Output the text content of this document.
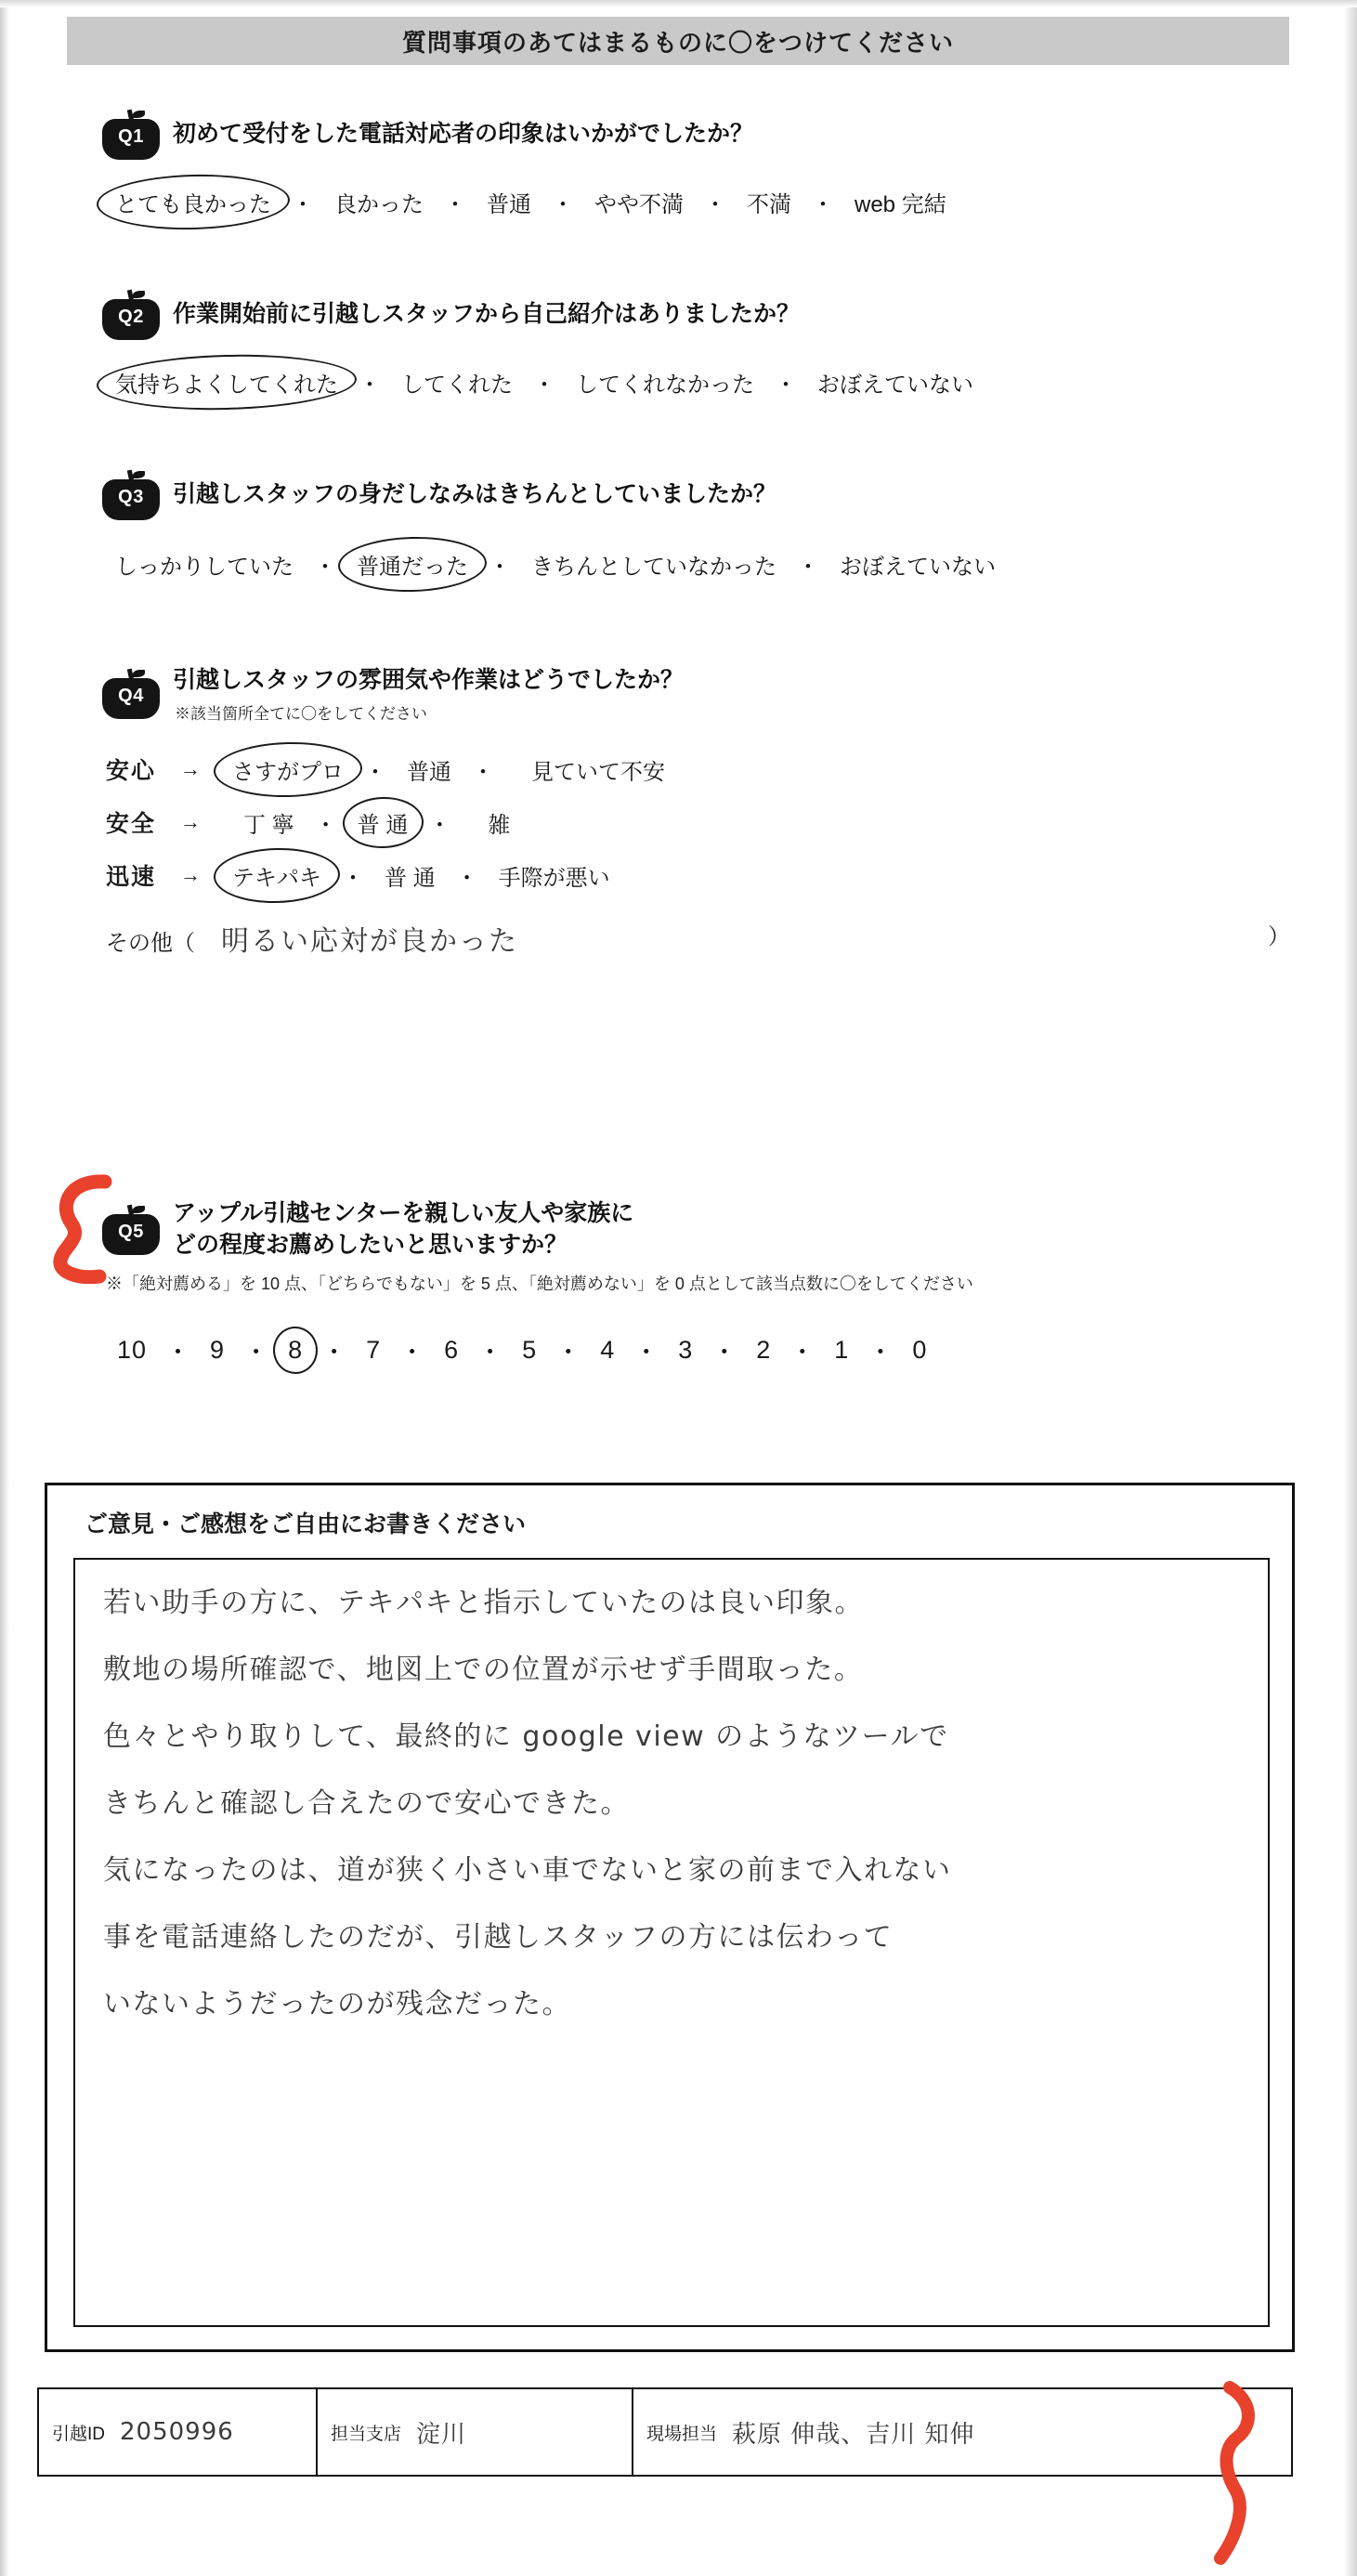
質問事項のあてはまるものに〇をつけてください
Q1	初めて受付をした電話対応者の印象はいかがでしたか？
とても良かった ・ 良かった ・ 普通 ・ やや不満 ・ 不満 ・ web 完結
Q2	作業開始前に引越しスタッフから自己紹介はありましたか？
気持ちよくしてくれた ・ してくれた ・ してくれなかった ・ おぼえていない
Q3	引越しスタッフの身だしなみはきちんとしていましたか？
しっかりしていた ・ 普通だった ・ きちんとしていなかった ・ おぼえていない
Q4
引越しスタッフの雰囲気や作業はどうでしたか？
※該当箇所全てに〇をしてください
安心	→ さすがプロ ・ 普通 ・ 見ていて不安
安全	→ 丁 寧 ・ 普 通 ・ 雑
迅速	→ テキパキ ・ 普 通 ・ 手際が悪い
その他（ 明るい応対が良かった	）
Q5
アップル引越センターを親しい友人や家族に
どの程度お薦めしたいと思いますか？
※「絶対薦める」を 10 点、「どちらでもない」を 5 点、「絶対薦めない」を 0 点として該当点数に〇をしてください
10 ・ 9 ・ 8 ・ 7 ・ 6 ・ 5 ・ 4 ・ 3 ・ 2 ・ 1 ・ 0
ご意見・ご感想をご自由にお書きください

若い助手の方に、テキパキと指示していたのは良い印象。

敷地の場所確認で、地図上での位置が示せず手間取った。

色々とやり取りして、最終的に google view のようなツールで

きちんと確認し合えたので安心できた。

気になったのは、道が狭く小さい車でないと家の前まで入れない

事を電話連絡したのだが、引越しスタッフの方には伝わって

いないようだったのが残念だった。

引越ID 2050996	担当支店 淀川	現場担当 萩原 伸哉、吉川 知伸
